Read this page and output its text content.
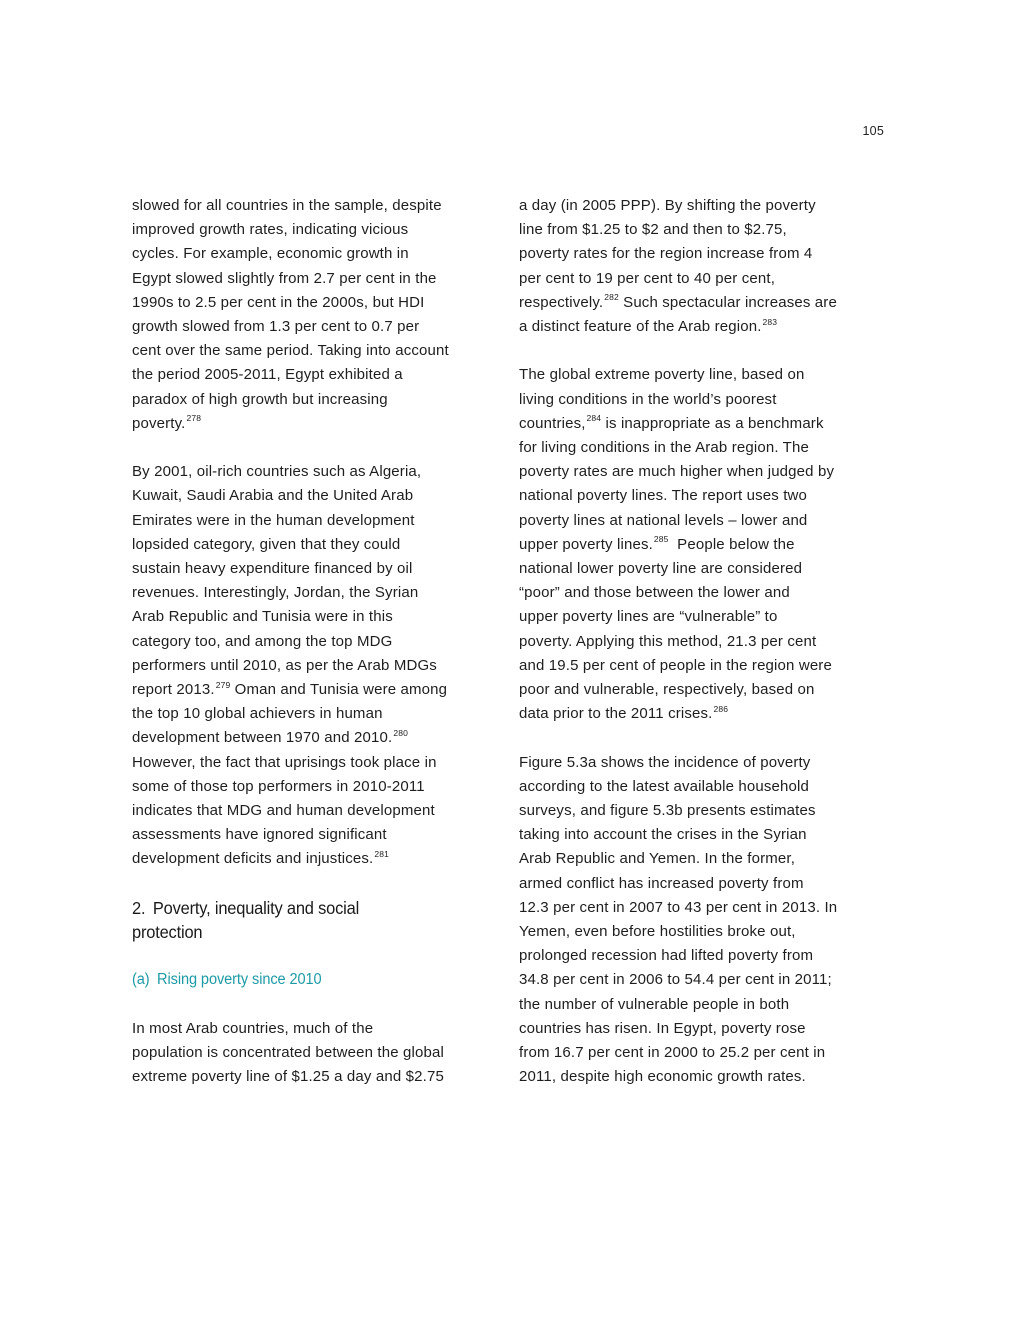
105
slowed for all countries in the sample, despite
improved growth rates, indicating vicious
cycles. For example, economic growth in
Egypt slowed slightly from 2.7 per cent in the
1990s to 2.5 per cent in the 2000s, but HDI
growth slowed from 1.3 per cent to 0.7 per
cent over the same period. Taking into account
the period 2005-2011, Egypt exhibited a
paradox of high growth but increasing
poverty.$^{278}$
By 2001, oil-rich countries such as Algeria,
Kuwait, Saudi Arabia and the United Arab
Emirates were in the human development
lopsided category, given that they could
sustain heavy expenditure financed by oil
revenues. Interestingly, Jordan, the Syrian
Arab Republic and Tunisia were in this
category too, and among the top MDG
performers until 2010, as per the Arab MDGs
report 2013.$^{279}$ Oman and Tunisia were among
the top 10 global achievers in human
development between 1970 and 2010.$^{280}$
However, the fact that uprisings took place in
some of those top performers in 2010-2011
indicates that MDG and human development
assessments have ignored significant
development deficits and injustices.$^{281}$
2. Poverty, inequality and social
protection
(a) Rising poverty since 2010
In most Arab countries, much of the
population is concentrated between the global
extreme poverty line of $1.25 a day and $2.75
a day (in 2005 PPP). By shifting the poverty
line from $1.25 to $2 and then to $2.75,
poverty rates for the region increase from 4
per cent to 19 per cent to 40 per cent,
respectively.$^{282}$ Such spectacular increases are
a distinct feature of the Arab region.$^{283}$
The global extreme poverty line, based on
living conditions in the world’s poorest
countries,$^{284}$ is inappropriate as a benchmark
for living conditions in the Arab region. The
poverty rates are much higher when judged by
national poverty lines. The report uses two
poverty lines at national levels – lower and
upper poverty lines.$^{285}$  People below the
national lower poverty line are considered
“poor” and those between the lower and
upper poverty lines are “vulnerable” to
poverty. Applying this method, 21.3 per cent
and 19.5 per cent of people in the region were
poor and vulnerable, respectively, based on
data prior to the 2011 crises.$^{286}$
Figure 5.3a shows the incidence of poverty
according to the latest available household
surveys, and figure 5.3b presents estimates
taking into account the crises in the Syrian
Arab Republic and Yemen. In the former,
armed conflict has increased poverty from
12.3 per cent in 2007 to 43 per cent in 2013. In
Yemen, even before hostilities broke out,
prolonged recession had lifted poverty from
34.8 per cent in 2006 to 54.4 per cent in 2011;
the number of vulnerable people in both
countries has risen. In Egypt, poverty rose
from 16.7 per cent in 2000 to 25.2 per cent in
2011, despite high economic growth rates.
